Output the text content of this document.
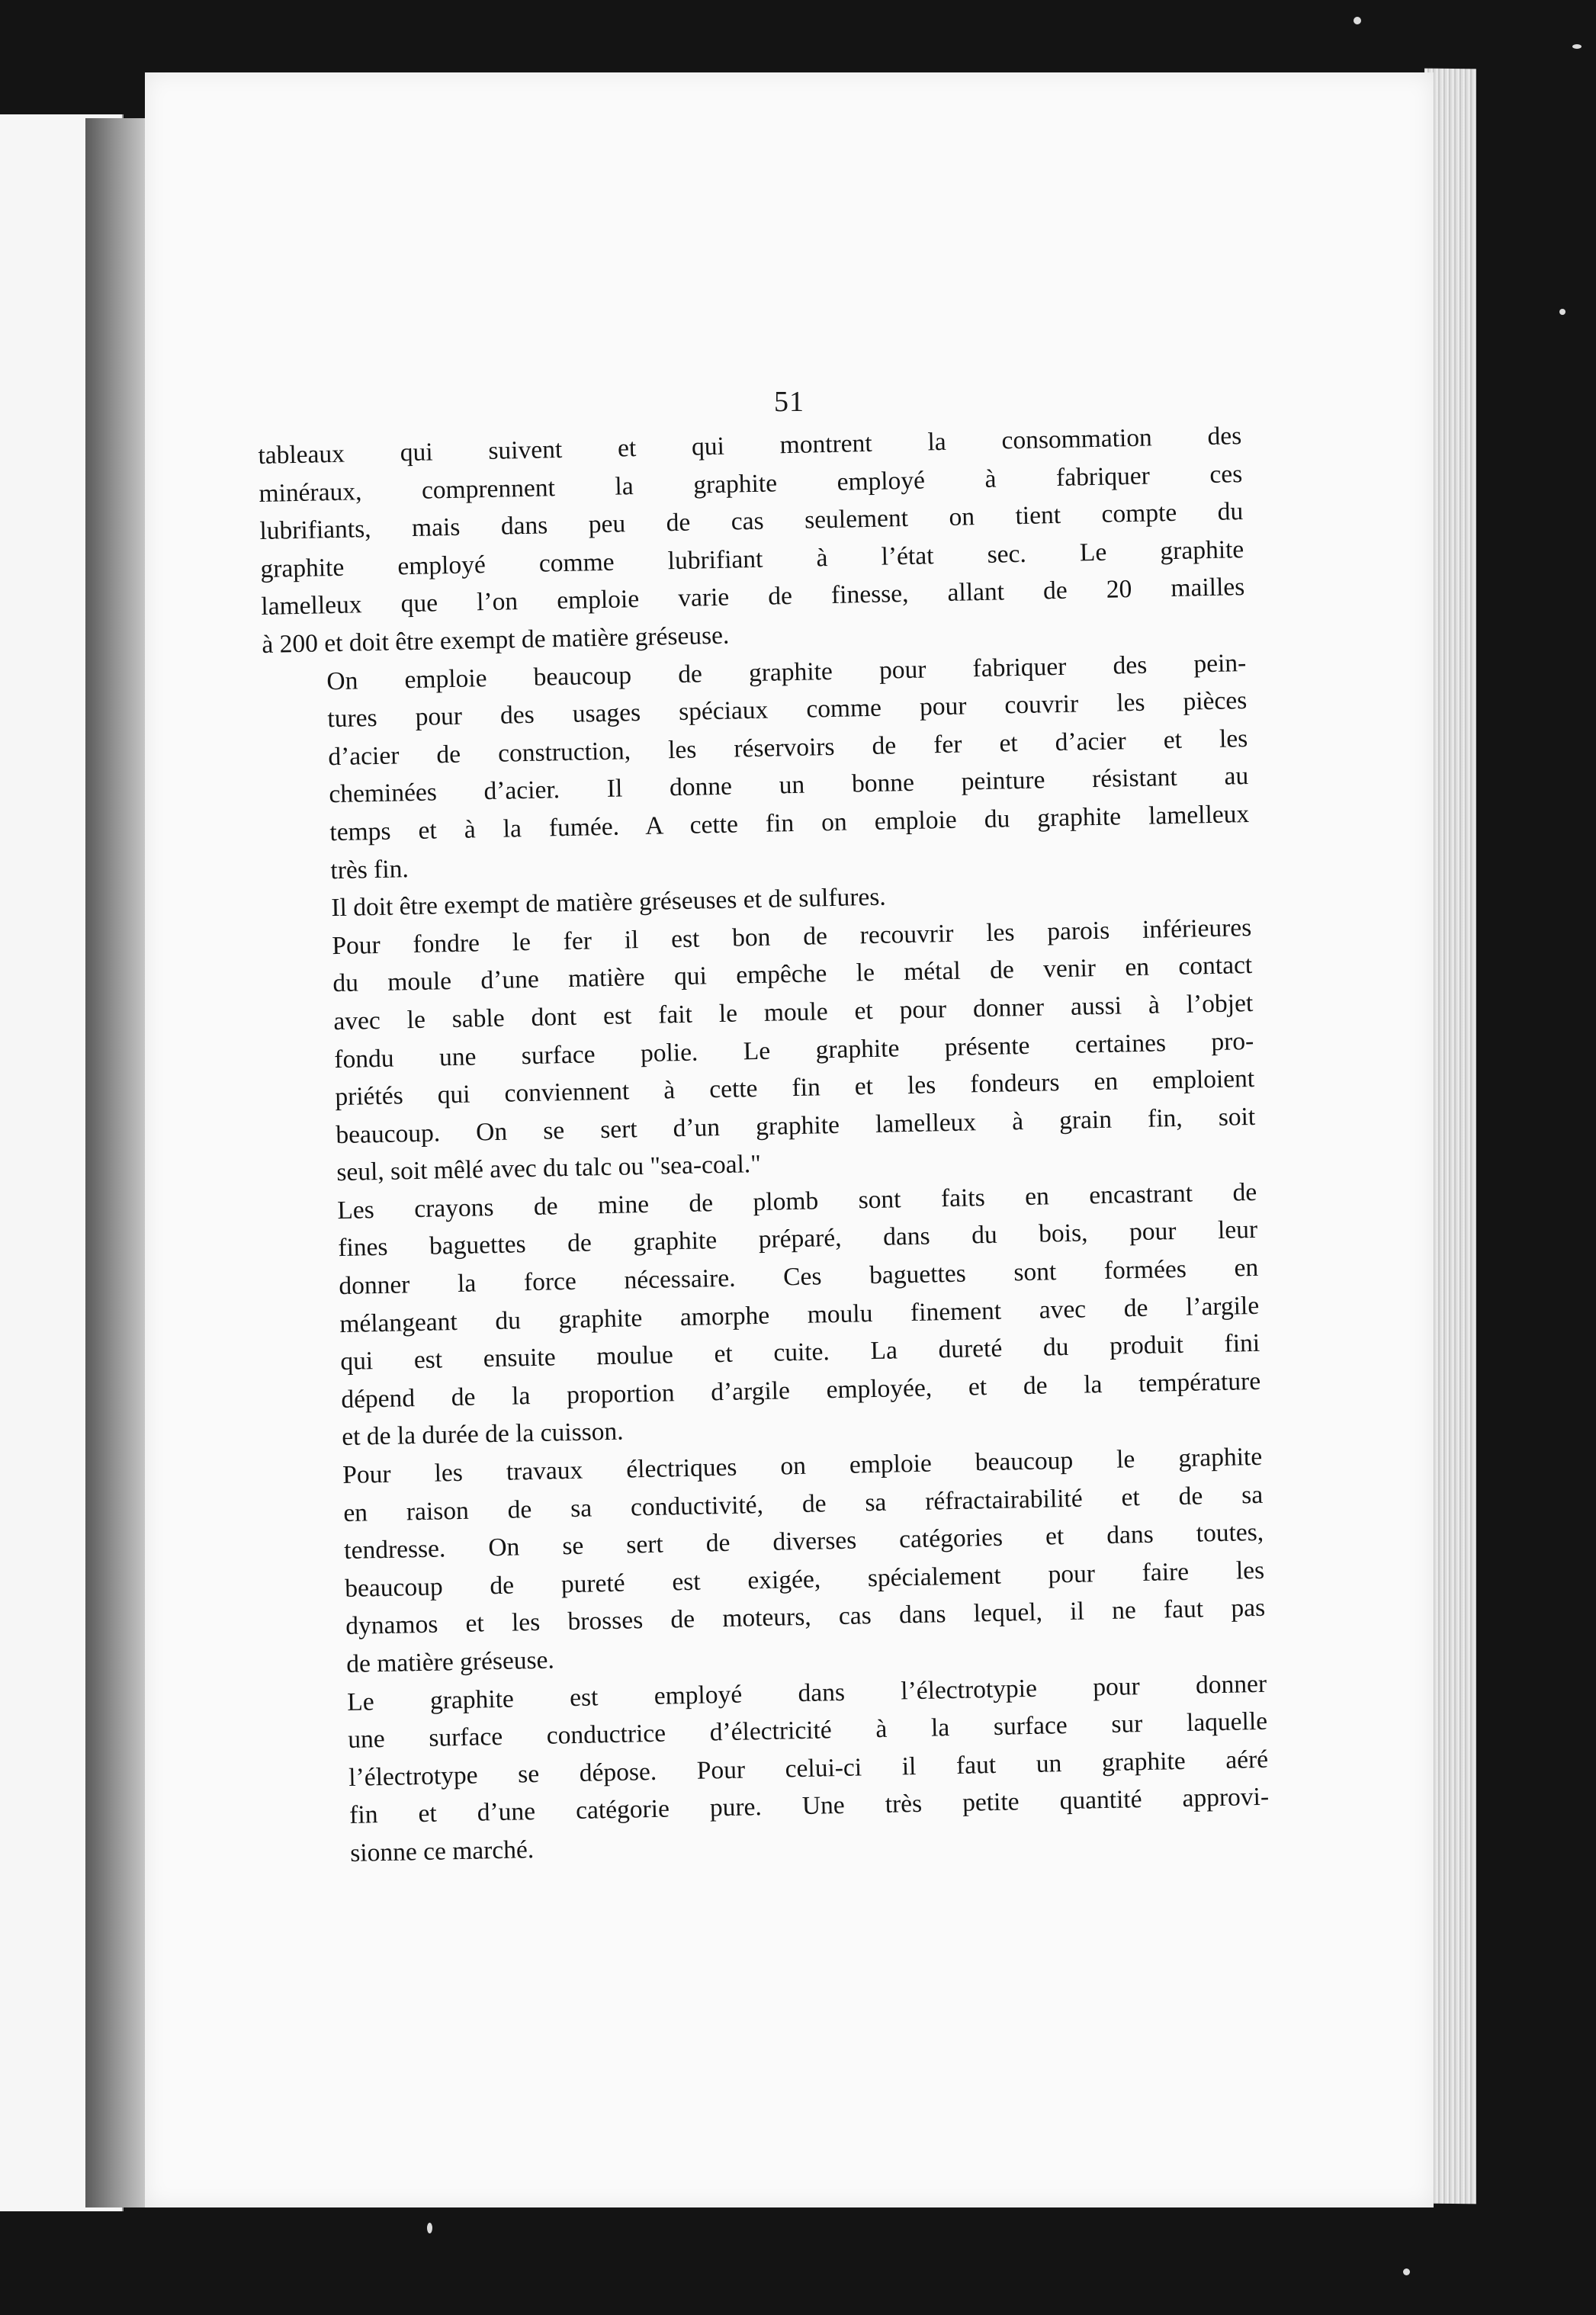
51

tableaux qui suivent et qui montrent la consommation des
minéraux, comprennent la graphite employé à fabriquer ces
lubrifiants, mais dans peu de cas seulement on tient compte du
graphite employé comme lubrifiant à l’état sec. Le graphite
lamelleux que l’on emploie varie de finesse, allant de 20 mailles
à 200 et doit être exempt de matière gréseuse.

On emploie beaucoup de graphite pour fabriquer des pein-
tures pour des usages spéciaux comme pour couvrir les pièces
d’acier de construction, les réservoirs de fer et d’acier et les
cheminées d’acier. Il donne un bonne peinture résistant au
temps et à la fumée. A cette fin on emploie du graphite lamelleux
très fin.

Il doit être exempt de matière gréseuses et de sulfures.

Pour fondre le fer il est bon de recouvrir les parois inférieures
du moule d’une matière qui empêche le métal de venir en contact
avec le sable dont est fait le moule et pour donner aussi à l’objet
fondu une surface polie. Le graphite présente certaines pro-
priétés qui conviennent à cette fin et les fondeurs en emploient
beaucoup. On se sert d’un graphite lamelleux à grain fin, soit
seul, soit mêlé avec du talc ou "sea-coal."

Les crayons de mine de plomb sont faits en encastrant de
fines baguettes de graphite préparé, dans du bois, pour leur
donner la force nécessaire. Ces baguettes sont formées en
mélangeant du graphite amorphe moulu finement avec de l’argile
qui est ensuite moulue et cuite. La dureté du produit fini
dépend de la proportion d’argile employée, et de la température
et de la durée de la cuisson.

Pour les travaux électriques on emploie beaucoup le graphite
en raison de sa conductivité, de sa réfractairabilité et de sa
tendresse. On se sert de diverses catégories et dans toutes,
beaucoup de pureté est exigée, spécialement pour faire les
dynamos et les brosses de moteurs, cas dans lequel, il ne faut pas
de matière gréseuse.

Le graphite est employé dans l’électrotypie pour donner
une surface conductrice d’électricité à la surface sur laquelle
l’électrotype se dépose. Pour celui-ci il faut un graphite aéré
fin et d’une catégorie pure. Une très petite quantité approvi-
sionne ce marché.
